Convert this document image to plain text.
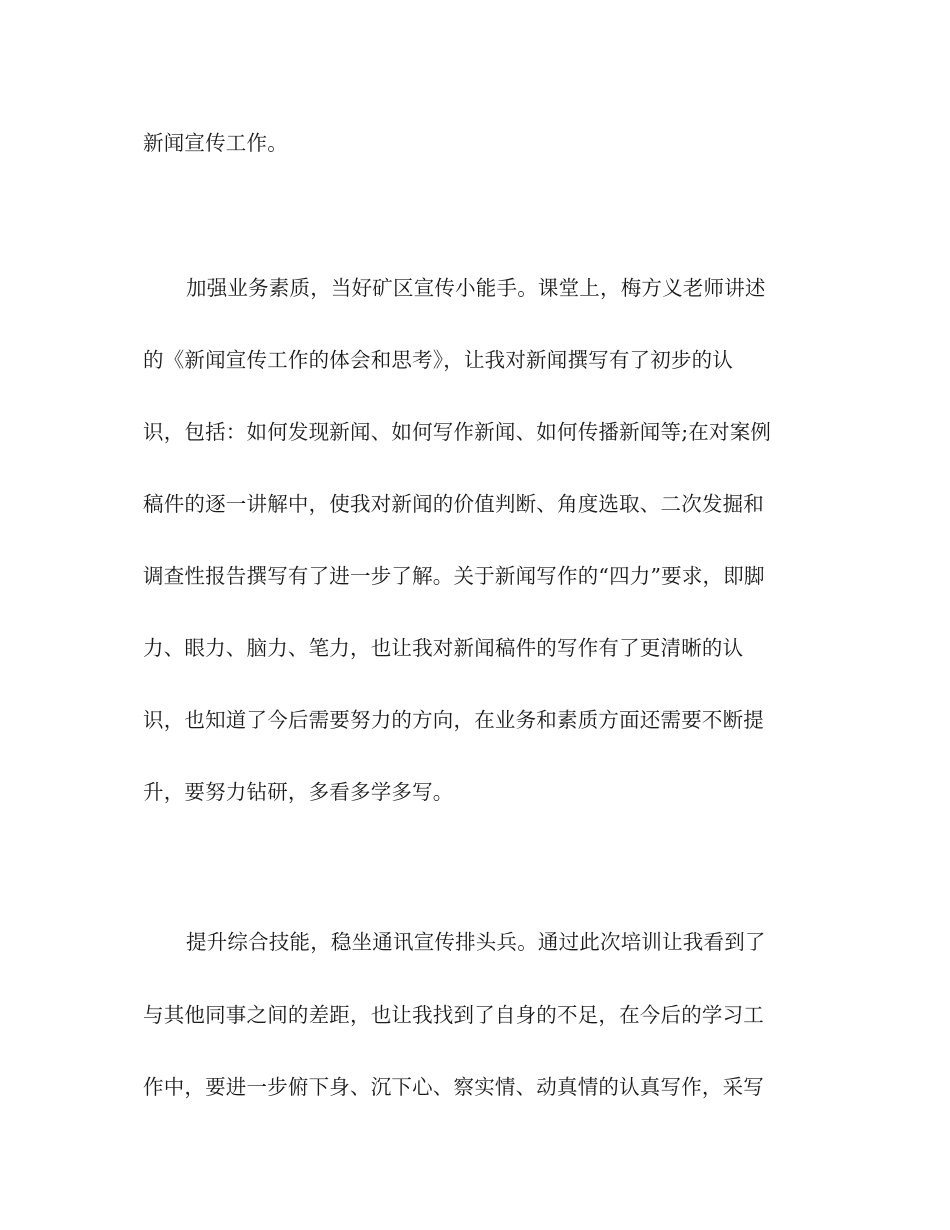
新闻宣传工作。
加强业务素质，当好矿区宣传小能手。课堂上，梅方义老师讲述
的《新闻宣传工作的体会和思考》，让我对新闻撰写有了初步的认
识，包括：如何发现新闻、如何写作新闻、如何传播新闻等;在对案例
稿件的逐一讲解中，使我对新闻的价值判断、角度选取、二次发掘和
调查性报告撰写有了进一步了解。关于新闻写作的“四力”要求，即脚
力、眼力、脑力、笔力，也让我对新闻稿件的写作有了更清晰的认
识，也知道了今后需要努力的方向，在业务和素质方面还需要不断提
升，要努力钻研，多看多学多写。
提升综合技能，稳坐通讯宣传排头兵。通过此次培训让我看到了
与其他同事之间的差距，也让我找到了自身的不足，在今后的学习工
作中，要进一步俯下身、沉下心、察实情、动真情的认真写作，采写
